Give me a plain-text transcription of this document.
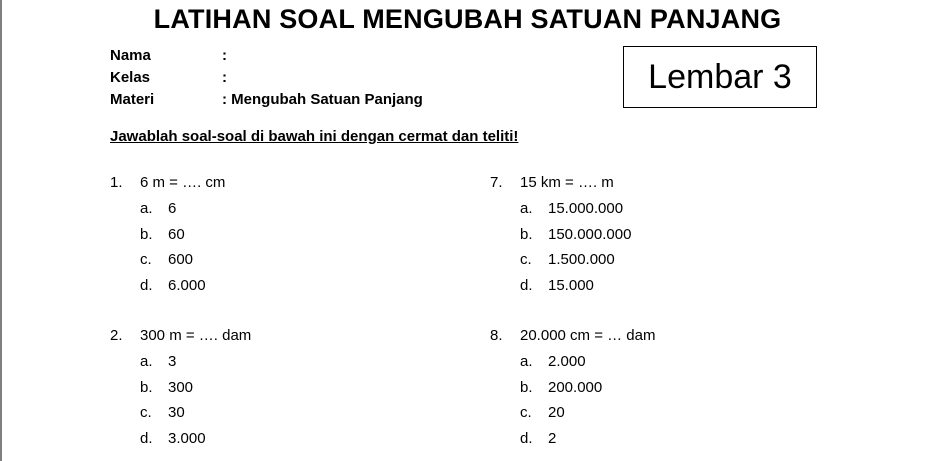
LATIHAN SOAL MENGUBAH SATUAN PANJANG
Nama	:
Kelas	:
Materi	: Mengubah Satuan Panjang
Lembar 3
Jawablah soal-soal di bawah ini dengan cermat dan teliti!
1. 6 m = …. cm
a. 6
b. 60
c. 600
d. 6.000
7. 15 km = …. m
a. 15.000.000
b. 150.000.000
c. 1.500.000
d. 15.000
2. 300 m = …. dam
a. 3
b. 300
c. 30
d. 3.000
8. 20.000 cm = … dam
a. 2.000
b. 200.000
c. 20
d. 2
